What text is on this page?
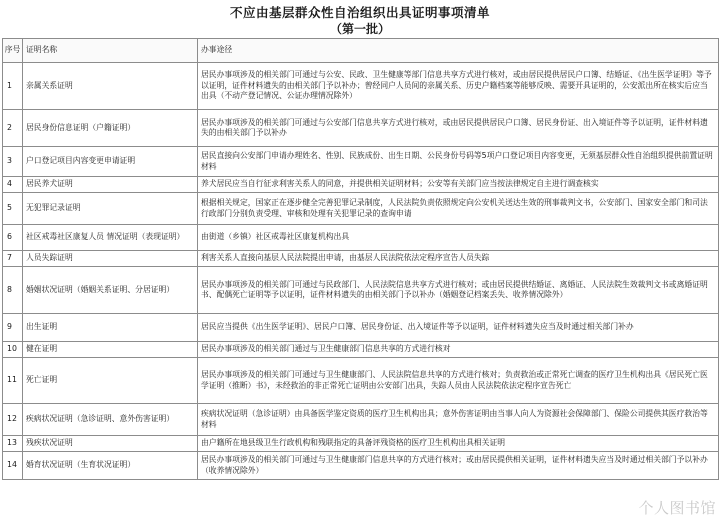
不应由基层群众性自治组织出具证明事项清单
（第一批）
序号	证明名称	办事途径
1	亲属关系证明	居民办事项涉及的相关部门可通过与公安、民政、卫生健康等部门信息共享方式进行核对，或由居民提供居民户口簿、结婚证、《出生医学证明》等予以证明，证件材料遗失的由相关部门予以补办；曾经同户人员间的亲属关系、历史户籍档案等能够反映、需要开具证明的，公安派出所在核实后应当出具（不动产登记情况、公证办理情况除外）
2	居民身份信息证明（户籍证明）	居民办事项涉及的相关部门可通过与公安部门信息共享方式进行核对，或由居民提供居民户口簿、居民身份证、出入境证件等予以证明，证件材料遗失的由相关部门予以补办
3	户口登记项目内容变更申请证明	居民直接向公安部门申请办理姓名、性别、民族成份、出生日期、公民身份号码等5项户口登记项目内容变更，无须基层群众性自治组织提供前置证明材料
4	居民养犬证明	养犬居民应当自行征求利害关系人的同意，并提供相关证明材料；公安等有关部门应当按法律规定自主进行调查核实
5	无犯罪记录证明	根据相关规定，国家正在逐步健全完善犯罪记录制度，人民法院负责依照规定向公安机关送达生效的刑事裁判文书，公安部门、国家安全部门和司法行政部门分别负责受理、审核和处理有关犯罪记录的查询申请
6	社区戒毒社区康复人员 情况证明（表现证明）	由街道（乡镇）社区戒毒社区康复机构出具
7	人员失踪证明	利害关系人直接向基层人民法院提出申请，由基层人民法院依法定程序宣告人员失踪
8	婚姻状况证明（婚姻关系证明、分居证明）	居民办事项涉及的相关部门可通过与民政部门、人民法院信息共享方式进行核对；或由居民提供结婚证、离婚证、人民法院生效裁判文书或离婚证明书、配偶死亡证明等予以证明，证件材料遗失的由相关部门予以补办（婚姻登记档案丢失、收养情况除外）
9	出生证明	居民应当提供《出生医学证明》、居民户口簿、居民身份证、出入境证件等予以证明，证件材料遗失应当及时通过相关部门补办
10	健在证明	居民办事项涉及的相关部门通过与卫生健康部门信息共享的方式进行核对
11	死亡证明	居民办事项涉及的相关部门可通过与卫生健康部门、人民法院信息共享的方式进行核对；负责救治或正常死亡调查的医疗卫生机构出具《居民死亡医学证明（推断）书》，未经救治的非正常死亡证明由公安部门出具，失踪人员由人民法院依法定程序宣告死亡
12	疾病状况证明（急诊证明、意外伤害证明）	疾病状况证明（急诊证明）由具备医学鉴定资质的医疗卫生机构出具；意外伤害证明由当事人向人为资源社会保障部门、保险公司提供其医疗救治等材料
13	残疾状况证明	由户籍所在地县级卫生行政机构和残联指定的具备评残资格的医疗卫生机构出具相关证明
14	婚育状况证明（生育状况证明）	居民办事项涉及的相关部门可通过与卫生健康部门信息共享的方式进行核对；或由居民提供相关证明，证件材料遗失应当及时通过相关部门予以补办（收养情况除外）
个人图书馆
